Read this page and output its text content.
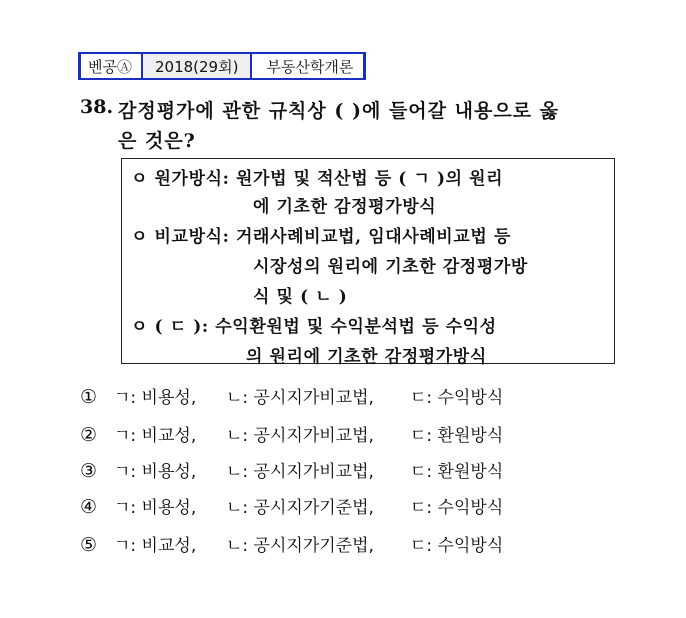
벤공Ⓐ	2018(29회)	부동산학개론
38. 감정평가에 관한 규칙상 ( )에 들어갈 내용으로 옳
은 것은?
ㅇ 원가방식: 원가법 및 적산법 등 ( ㄱ )의 원리
에 기초한 감정평가방식
ㅇ 비교방식: 거래사례비교법, 임대사례비교법 등
시장성의 원리에 기초한 감정평가방
식 및 ( ㄴ )
ㅇ ( ㄷ ): 수익환원법 및 수익분석법 등 수익성
의 원리에 기초한 감정평가방식
① ㄱ: 비용성, ㄴ: 공시지가비교법, ㄷ: 수익방식
② ㄱ: 비교성, ㄴ: 공시지가비교법, ㄷ: 환원방식
③ ㄱ: 비용성, ㄴ: 공시지가비교법, ㄷ: 환원방식
④ ㄱ: 비용성, ㄴ: 공시지가기준법, ㄷ: 수익방식
⑤ ㄱ: 비교성, ㄴ: 공시지가기준법, ㄷ: 수익방식
